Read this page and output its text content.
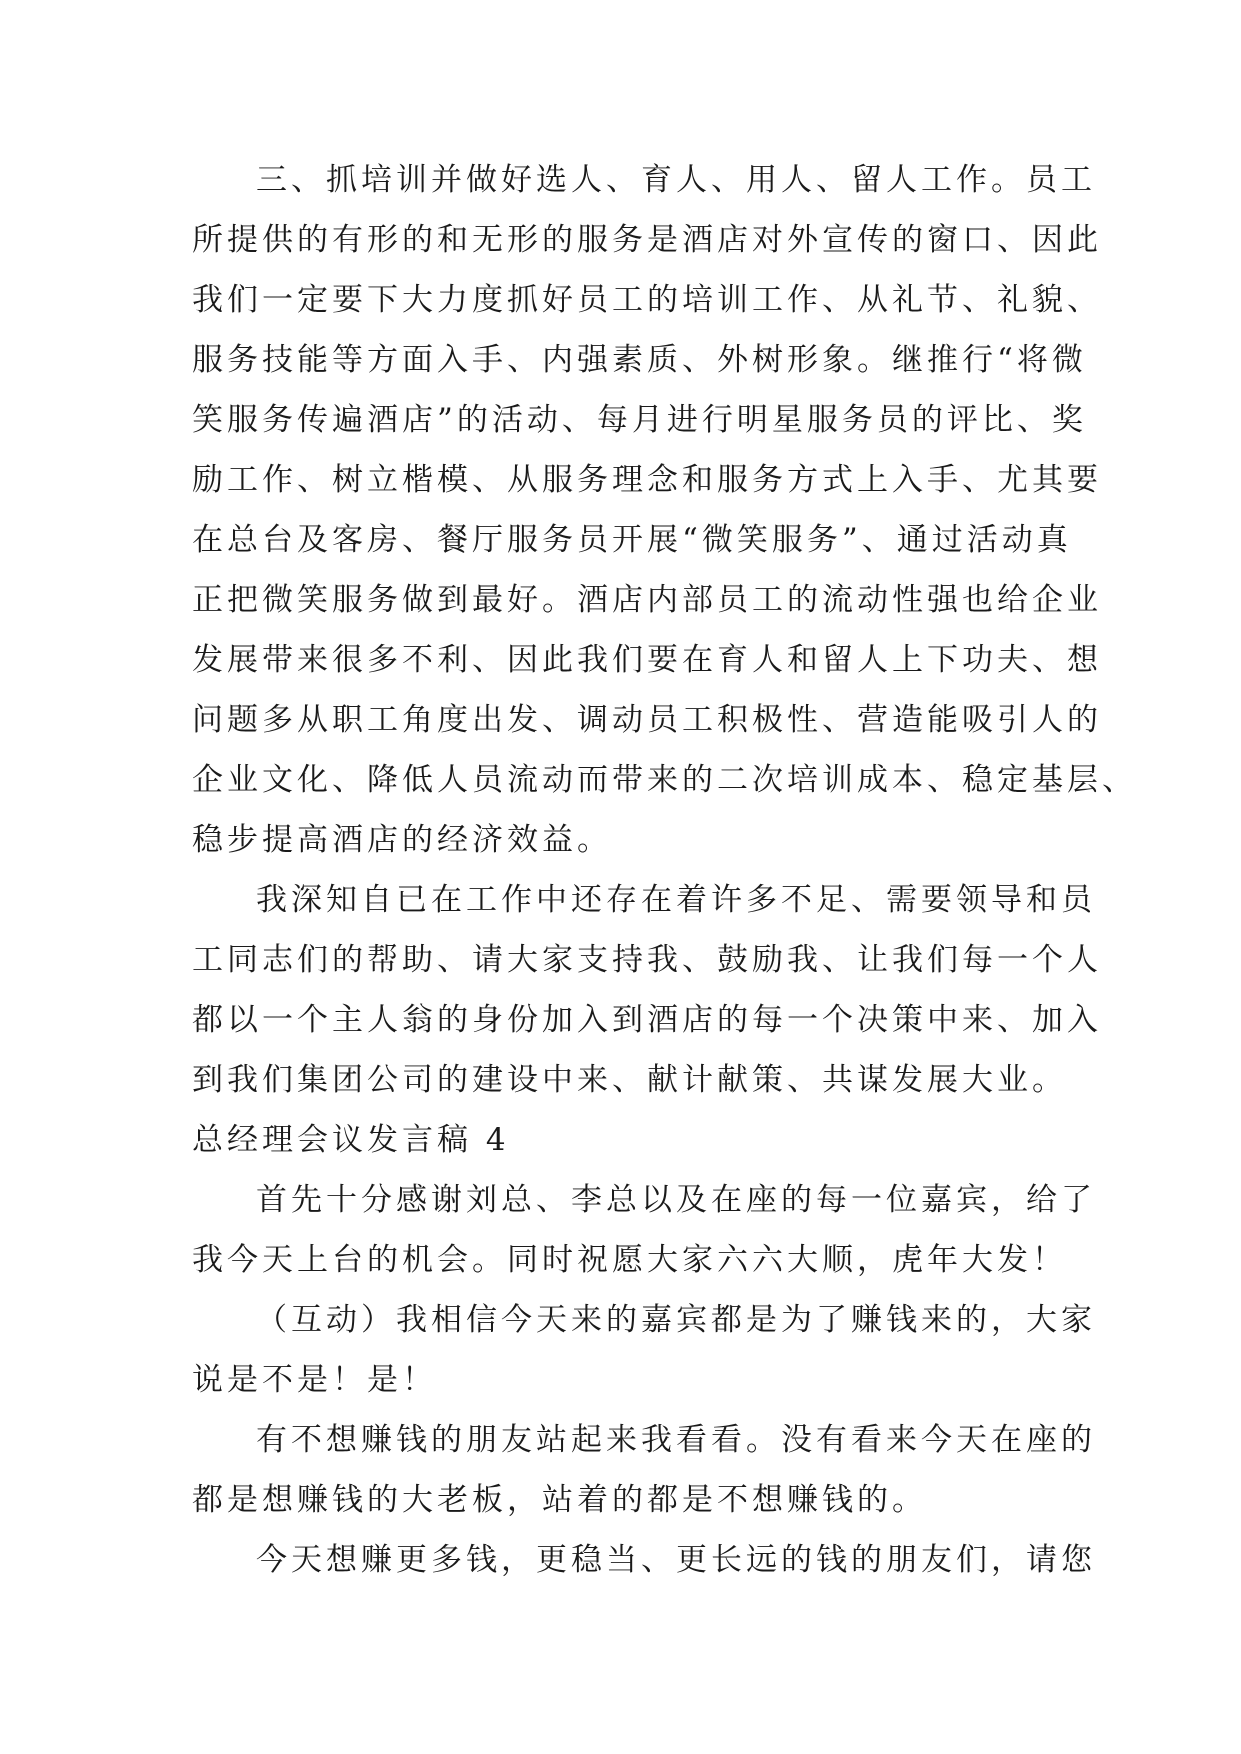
三、抓培训并做好选人、育人、用人、留人工作。员工
所提供的有形的和无形的服务是酒店对外宣传的窗口、因此
我们一定要下大力度抓好员工的培训工作、从礼节、礼貌、
服务技能等方面入手、内强素质、外树形象。继推行“将微
笑服务传遍酒店”的活动、每月进行明星服务员的评比、奖
励工作、树立楷模、从服务理念和服务方式上入手、尤其要
在总台及客房、餐厅服务员开展“微笑服务”、通过活动真
正把微笑服务做到最好。酒店内部员工的流动性强也给企业
发展带来很多不利、因此我们要在育人和留人上下功夫、想
问题多从职工角度出发、调动员工积极性、营造能吸引人的
企业文化、降低人员流动而带来的二次培训成本、稳定基层、
稳步提高酒店的经济效益。
我深知自已在工作中还存在着许多不足、需要领导和员
工同志们的帮助、请大家支持我、鼓励我、让我们每一个人
都以一个主人翁的身份加入到酒店的每一个决策中来、加入
到我们集团公司的建设中来、献计献策、共谋发展大业。
总经理会议发言稿 4
首先十分感谢刘总、李总以及在座的每一位嘉宾，给了
我今天上台的机会。同时祝愿大家六六大顺，虎年大发！
（互动）我相信今天来的嘉宾都是为了赚钱来的，大家
说是不是！是！
有不想赚钱的朋友站起来我看看。没有看来今天在座的
都是想赚钱的大老板，站着的都是不想赚钱的。
今天想赚更多钱，更稳当、更长远的钱的朋友们，请您
